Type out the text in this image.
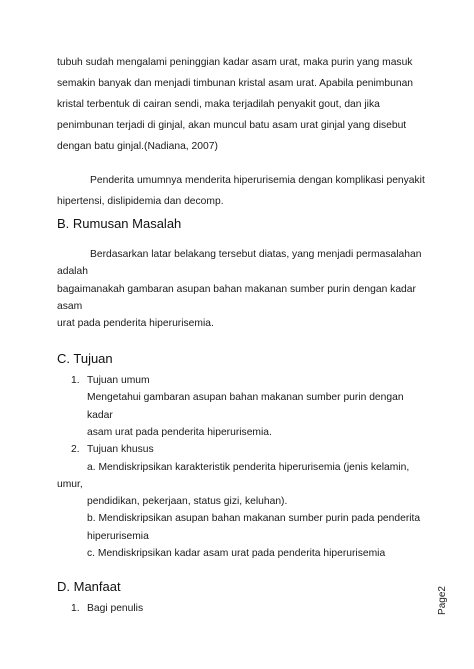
tubuh sudah mengalami peninggian kadar asam urat, maka purin yang masuk
semakin banyak dan menjadi timbunan kristal asam urat. Apabila penimbunan
kristal terbentuk di cairan sendi, maka terjadilah penyakit gout, dan jika
penimbunan terjadi di ginjal, akan muncul batu asam urat ginjal yang disebut
dengan batu ginjal.(Nadiana, 2007)
Penderita umumnya menderita hiperurisemia dengan komplikasi penyakit
hipertensi, dislipidemia dan decomp.
B. Rumusan Masalah
Berdasarkan latar belakang tersebut diatas, yang menjadi permasalahan
adalah
bagaimanakah gambaran asupan bahan makanan sumber purin dengan kadar
asam
urat pada penderita hiperurisemia.
C. Tujuan
1. Tujuan umum
Mengetahui gambaran asupan bahan makanan sumber purin dengan
kadar
asam urat pada penderita hiperurisemia.
2. Tujuan khusus
a. Mendiskripsikan karakteristik penderita hiperurisemia (jenis kelamin,
umur,
pendidikan, pekerjaan, status gizi, keluhan).
b. Mendiskripsikan asupan bahan makanan sumber purin pada penderita
hiperurisemia
c. Mendiskripsikan kadar asam urat pada penderita hiperurisemia
D. Manfaat
1. Bagi penulis	Page2
